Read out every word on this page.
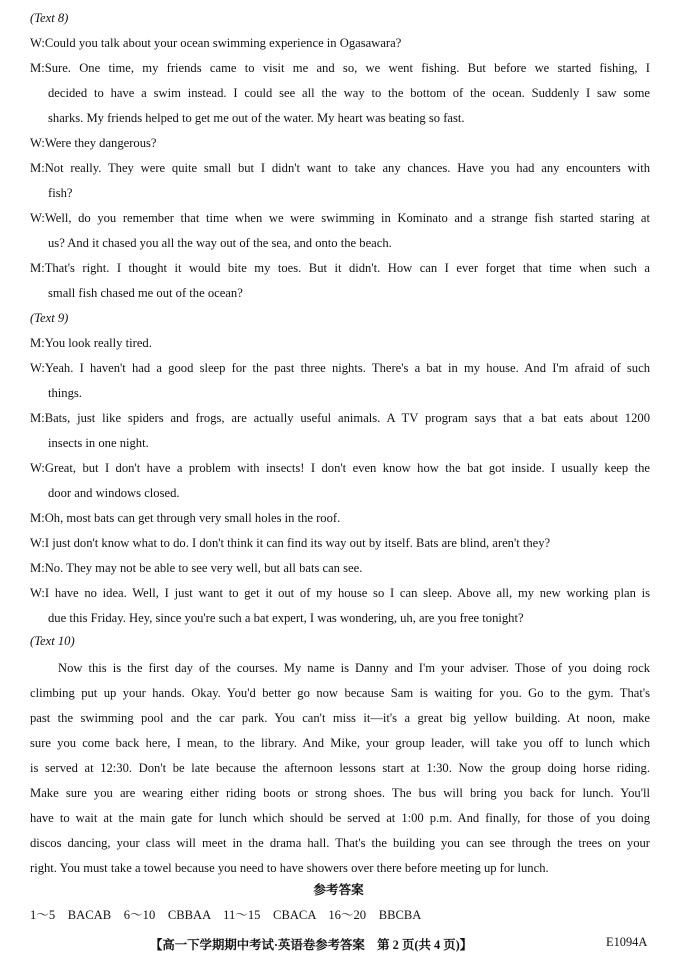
(Text 8)
W:Could you talk about your ocean swimming experience in Ogasawara?
M:Sure. One time, my friends came to visit me and so, we went fishing. But before we started fishing, I
decided to have a swim instead. I could see all the way to the bottom of the ocean. Suddenly I saw some
sharks. My friends helped to get me out of the water. My heart was beating so fast.
W:Were they dangerous?
M:Not really. They were quite small but I didn't want to take any chances. Have you had any encounters with
fish?
W:Well, do you remember that time when we were swimming in Kominato and a strange fish started staring at
us? And it chased you all the way out of the sea, and onto the beach.
M:That's right. I thought it would bite my toes. But it didn't. How can I ever forget that time when such a
small fish chased me out of the ocean?
(Text 9)
M:You look really tired.
W:Yeah. I haven't had a good sleep for the past three nights. There's a bat in my house. And I'm afraid of such
things.
M:Bats, just like spiders and frogs, are actually useful animals. A TV program says that a bat eats about 1200
insects in one night.
W:Great, but I don't have a problem with insects! I don't even know how the bat got inside. I usually keep the
door and windows closed.
M:Oh, most bats can get through very small holes in the roof.
W:I just don't know what to do. I don't think it can find its way out by itself. Bats are blind, aren't they?
M:No. They may not be able to see very well, but all bats can see.
W:I have no idea. Well, I just want to get it out of my house so I can sleep. Above all, my new working plan is
due this Friday. Hey, since you're such a bat expert, I was wondering, uh, are you free tonight?
(Text 10)
Now this is the first day of the courses. My name is Danny and I'm your adviser. Those of you doing rock
climbing put up your hands. Okay. You'd better go now because Sam is waiting for you. Go to the gym. That's
past the swimming pool and the car park. You can't miss it—it's a great big yellow building. At noon, make
sure you come back here, I mean, to the library. And Mike, your group leader, will take you off to lunch which
is served at 12:30. Don't be late because the afternoon lessons start at 1:30. Now the group doing horse riding.
Make sure you are wearing either riding boots or strong shoes. The bus will bring you back for lunch. You'll
have to wait at the main gate for lunch which should be served at 1:00 p.m. And finally, for those of you doing
discos dancing, your class will meet in the drama hall. That's the building you can see through the trees on your
right. You must take a towel because you need to have showers over there before meeting up for lunch.
参考答案
1～5　BACAB　6～10　CBBAA　11～15　CBACA　16～20　BBCBA
【高一下学期期中考试·英语卷参考答案　第 2 页(共 4 页)】	E1094A
